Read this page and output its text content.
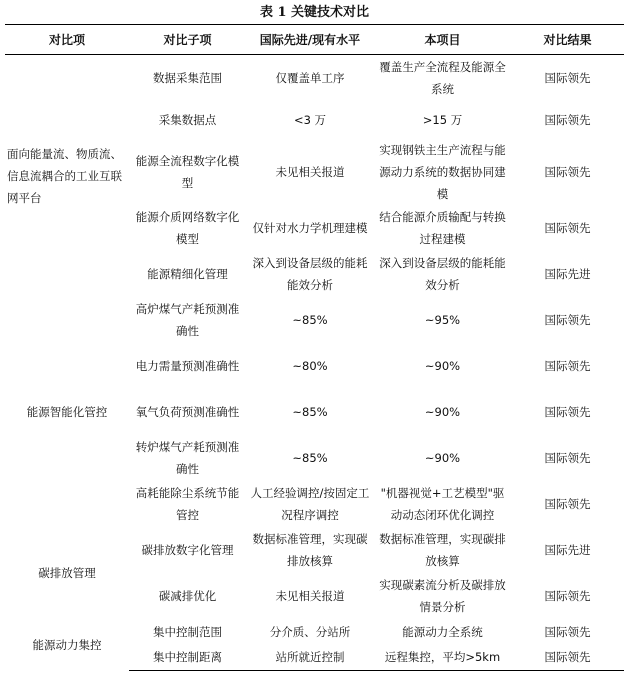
表 1 关键技术对比
对比项	对比子项	国际先进/现有水平	本项目	对比结果
面向能量流、物质流、信息流耦合的工业互联网平台	数据采集范围	仅覆盖单工序	覆盖生产全流程及能源全系统	国际领先
	采集数据点	<3 万	>15 万	国际领先
	能源全流程数字化模型	未见相关报道	实现钢铁主生产流程与能源动力系统的数据协同建模	国际领先
	能源介质网络数字化模型	仅针对水力学机理建模	结合能源介质输配与转换过程建模	国际领先
	能源精细化管理	深入到设备层级的能耗能效分析	深入到设备层级的能耗能效分析	国际先进
能源智能化管控	高炉煤气产耗预测准确性	~85%	~95%	国际领先
	电力需量预测准确性	~80%	~90%	国际领先
	氧气负荷预测准确性	~85%	~90%	国际领先
	转炉煤气产耗预测准确性	~85%	~90%	国际领先
	高耗能除尘系统节能管控	人工经验调控/按固定工况程序调控	"机器视觉+工艺模型"驱动动态闭环优化调控	国际领先
碳排放管理	碳排放数字化管理	数据标准管理，实现碳排放核算	数据标准管理，实现碳排放核算	国际先进
	碳减排优化	未见相关报道	实现碳素流分析及碳排放情景分析	国际领先
能源动力集控	集中控制范围	分介质、分站所	能源动力全系统	国际领先
	集中控制距离	站所就近控制	远程集控，平均>5km	国际领先
